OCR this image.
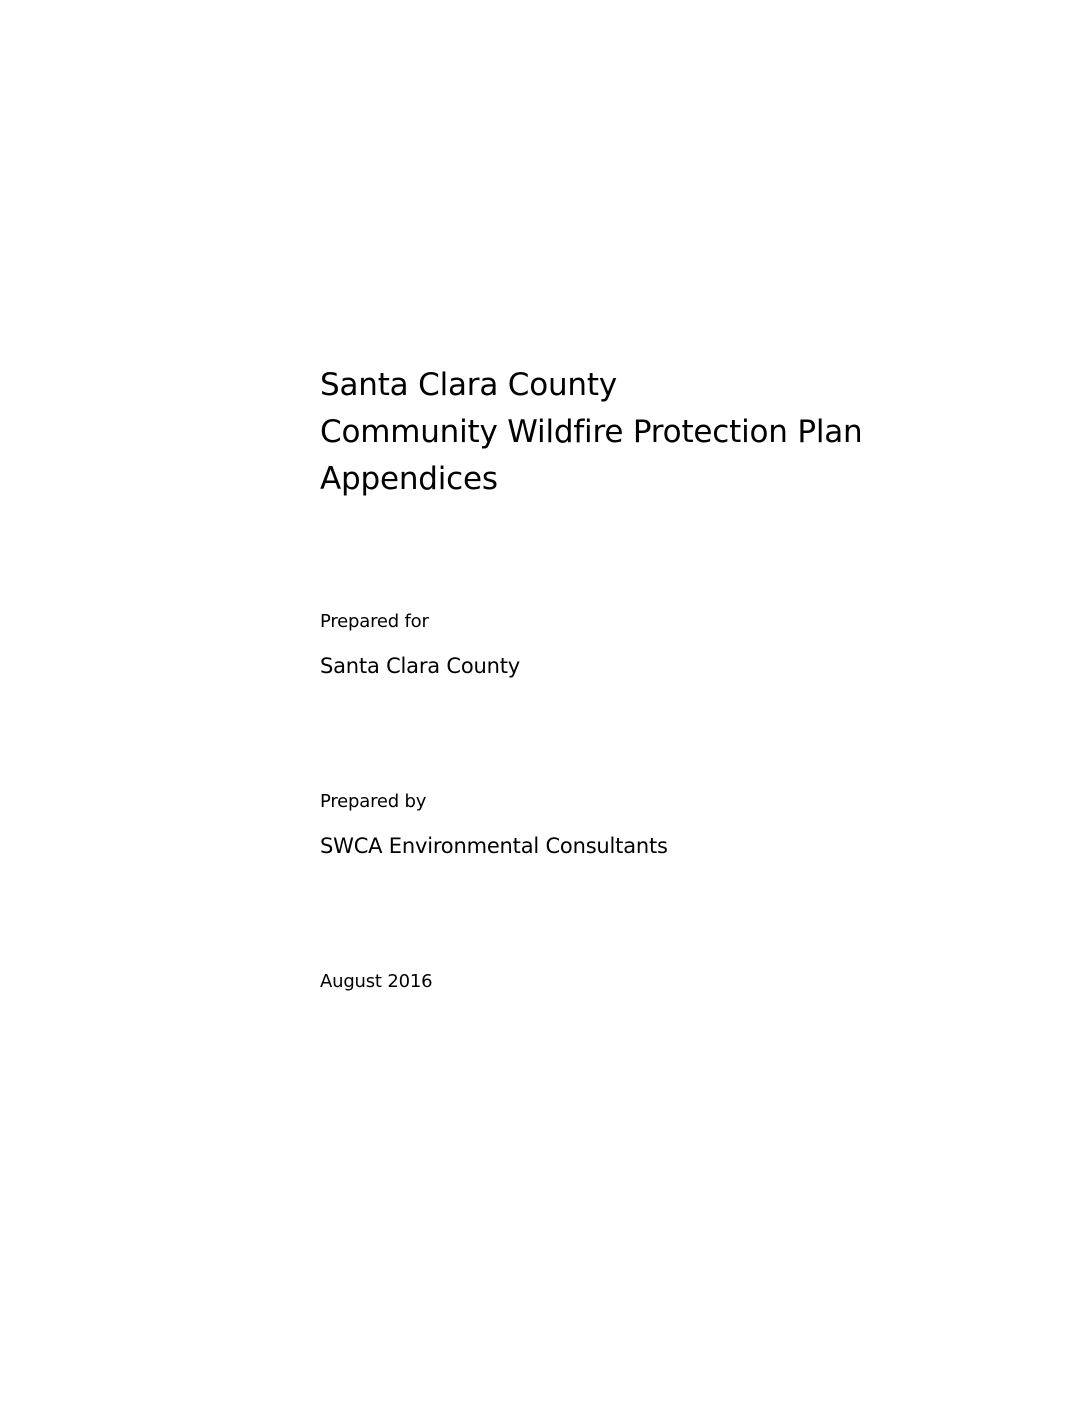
Santa Clara County
Community Wildfire Protection Plan
Appendices
Prepared for
Santa Clara County
Prepared by
SWCA Environmental Consultants
August 2016
